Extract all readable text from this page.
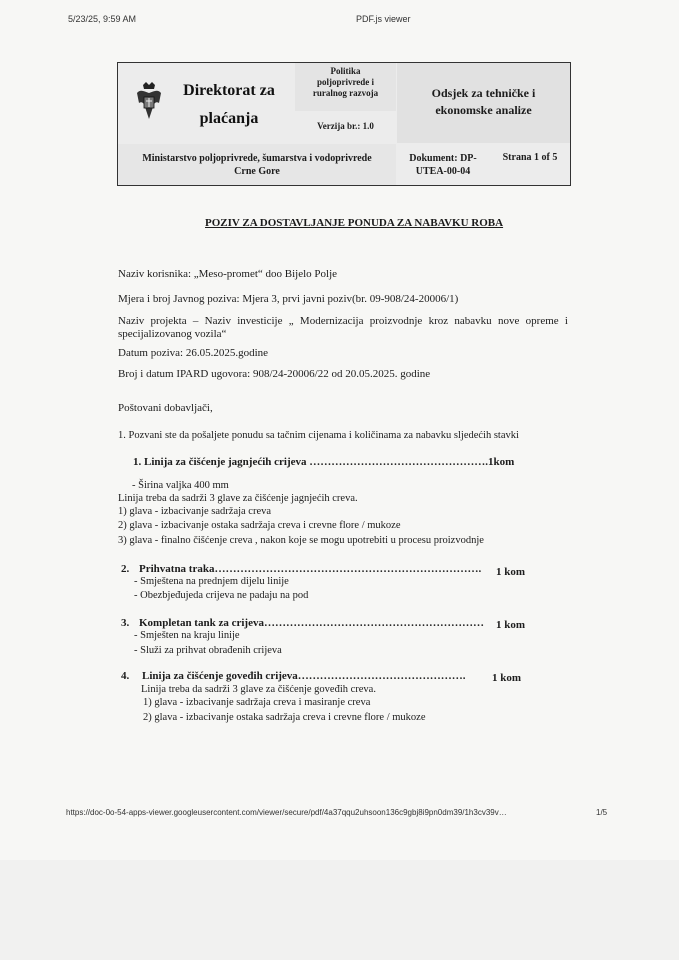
5/23/25, 9:59 AM	PDF.js viewer
Direktorat za
plaćanja
Politika
poljoprivrede i
ruralnog razvoja
Verzija br.: 1.0
Odsjek za tehničke i
ekonomske analize
Ministarstvo poljoprivrede, šumarstva i vodoprivrede
Crne Gore
Dokument: DP-
UTEA-00-04
Strana 1 of 5
POZIV ZA DOSTAVLJANJE PONUDA ZA NABAVKU ROBA
Naziv korisnika: „Meso-promet“ doo Bijelo Polje
Mjera i broj Javnog poziva: Mjera 3, prvi javni poziv(br. 09-908/24-20006/1)
Naziv projekta – Naziv investicije „ Modernizacija proizvodnje kroz nabavku nove opreme i specijalizovanog vozila“
Datum poziva: 26.05.2025.godine
Broj i datum IPARD ugovora: 908/24-20006/22 od 20.05.2025. godine
Poštovani dobavljači,
1. Pozvani ste da pošaljete ponudu sa tačnim cijenama i količinama za nabavku sljedećih stavki
1. Linija za čišćenje jagnjećih crijeva ………………………………………….1kom
- Širina valjka 400 mm
Linija treba da sadrži 3 glave za čišćenje jagnjećih creva.
1) glava - izbacivanje sadržaja creva
2) glava - izbacivanje ostaka sadržaja creva i crevne flore / mukoze
3) glava - finalno čišćenje creva , nakon koje se mogu upotrebiti u procesu proizvodnje
2. Prihvatna traka………………………………………………………………. 1 kom
- Smještena na prednjem dijelu linije
- Obezbjeđujeda crijeva ne padaju na pod
3. Kompletan tank za crijeva…………………………………………………… 1 kom
- Smješten na kraju linije
- Služi za prihvat obrađenih crijeva
4. Linija za čišćenje govеđih crijeva………………………………………. 1 kom
Linija treba da sadrži 3 glave za čišćenje govеđih creva.
1) glava - izbacivanje sadržaja creva i masiranje creva
2) glava - izbacivanje ostaka sadržaja creva i crevne flore / mukoze
https://doc-0o-54-apps-viewer.googleusercontent.com/viewer/secure/pdf/4a37qqu2uhsoon136c9gbj8i9pn0dm39/1h3cv39v…	1/5
